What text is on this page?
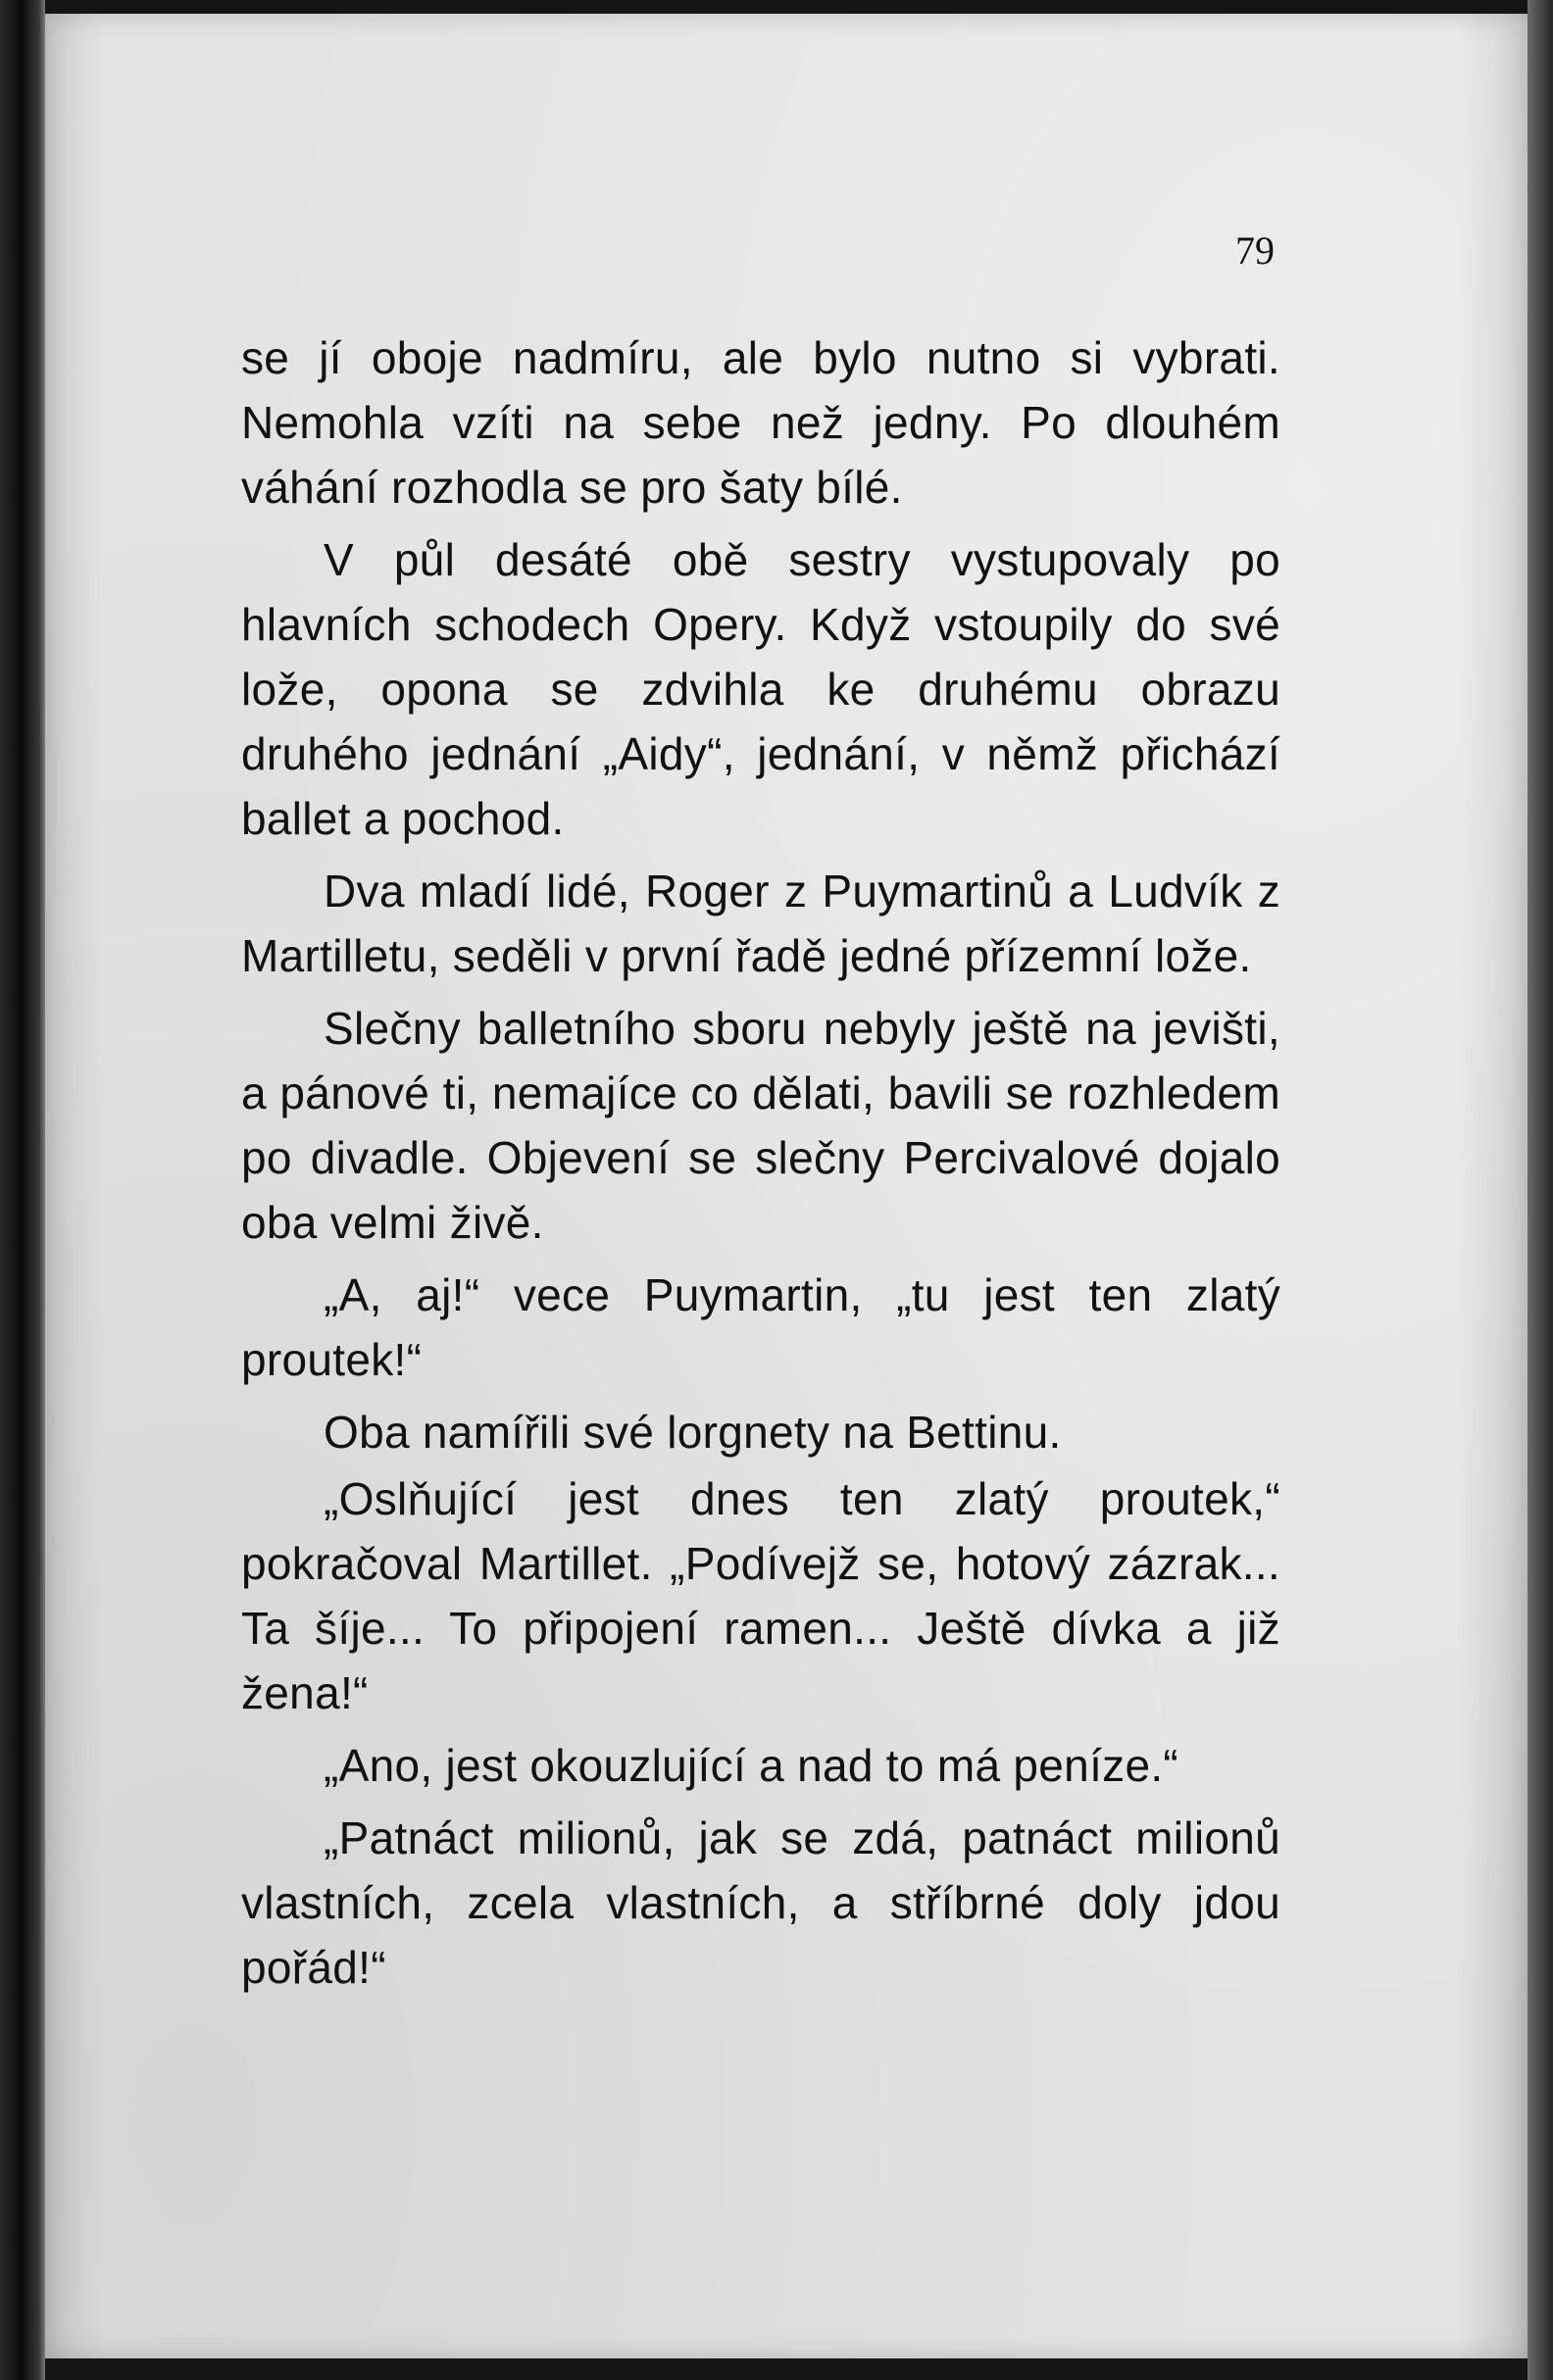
79

se jí oboje nadmíru, ale bylo nutno si vybrati. Nemohla vzíti na sebe než jedny. Po dlouhém váhání rozhodla se pro šaty bílé.

V půl desáté obě sestry vystupovaly po hlavních schodech Opery. Když vstoupily do své lože, opona se zdvihla ke druhému obrazu druhého jednání „Aidy“, jednání, v němž přichází ballet a pochod.

Dva mladí lidé, Roger z Puymartinů a Ludvík z Martilletu, seděli v první řadě jedné přízemní lože.

Slečny balletního sboru nebyly ještě na jevišti, a pánové ti, nemajíce co dělati, bavili se rozhledem po divadle. Objevení se slečny Percivalové dojalo oba velmi živě.

„A, aj!“ vece Puymartin, „tu jest ten zlatý proutek!“

Oba namířili své lorgnety na Bettinu.

„Oslňující jest dnes ten zlatý proutek,“ pokračoval Martillet. „Podívejž se, hotový zázrak... Ta šíje... To připojení ramen... Ještě dívka a již žena!“

„Ano, jest okouzlující a nad to má peníze.“

„Patnáct milionů, jak se zdá, patnáct milionů vlastních, zcela vlastních, a stříbrné doly jdou pořád!“
